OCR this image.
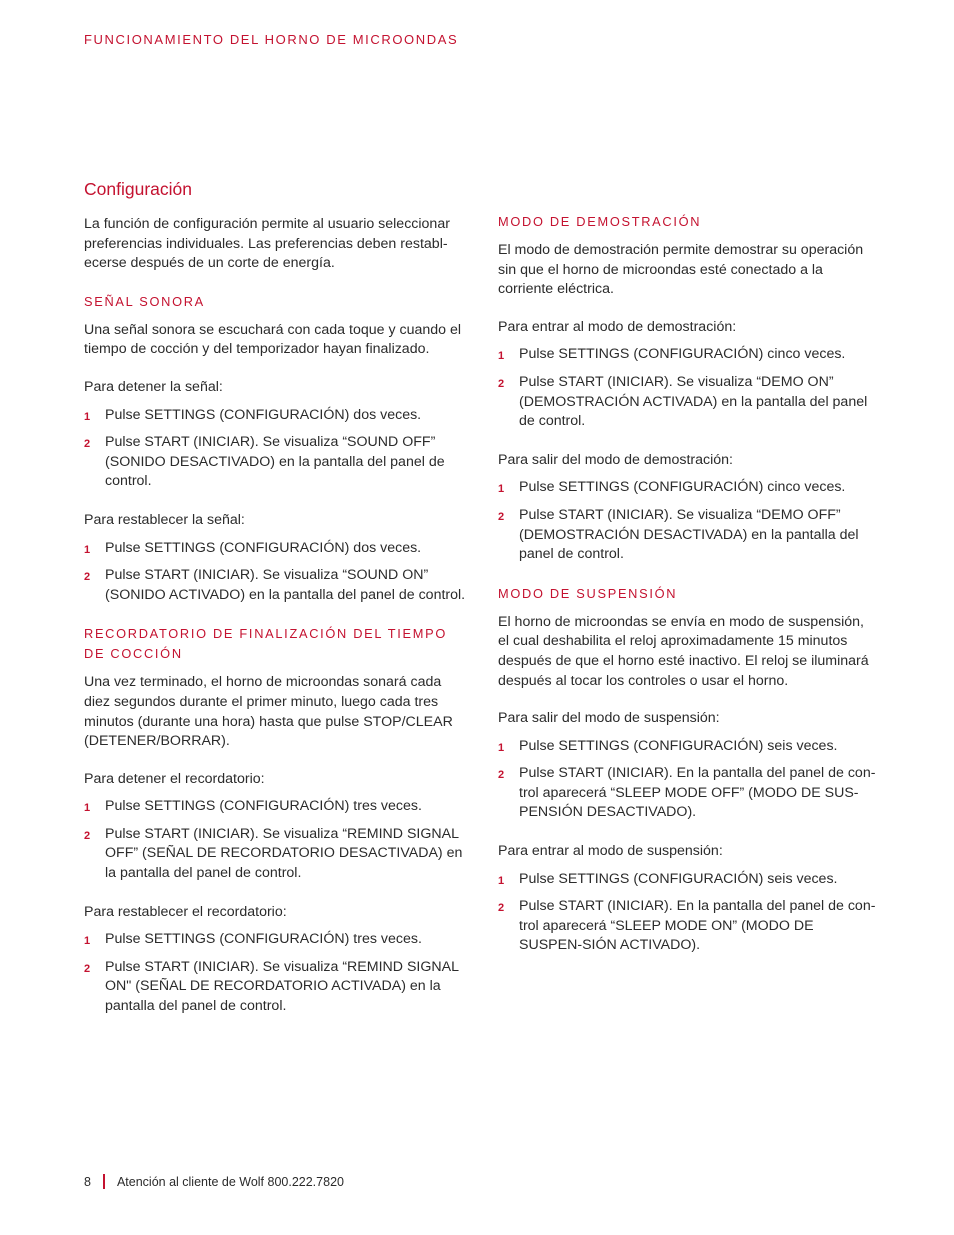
FUNCIONAMIENTO DEL HORNO DE MICROONDAS
Configuración

La función de configuración permite al usuario seleccionar preferencias individuales. Las preferencias deben restabl-ecerse después de un corte de energía.

SEÑAL SONORA

Una señal sonora se escuchará con cada toque y cuando el tiempo de cocción y del temporizador hayan finalizado.

Para detener la señal:

1 Pulse SETTINGS (CONFIGURACIÓN) dos veces.
2 Pulse START (INICIAR). Se visualiza “SOUND OFF” (SONIDO DESACTIVADO) en la pantalla del panel de control.

Para restablecer la señal:

1 Pulse SETTINGS (CONFIGURACIÓN) dos veces.
2 Pulse START (INICIAR). Se visualiza “SOUND ON” (SONIDO ACTIVADO) en la pantalla del panel de control.
RECORDATORIO DE FINALIZACIÓN DEL TIEMPO DE COCCIÓN

Una vez terminado, el horno de microondas sonará cada diez segundos durante el primer minuto, luego cada tres minutos (durante una hora) hasta que pulse STOP/CLEAR (DETENER/BORRAR).

Para detener el recordatorio:

1 Pulse SETTINGS (CONFIGURACIÓN) tres veces.
2 Pulse START (INICIAR). Se visualiza “REMIND SIGNAL OFF” (SEÑAL DE RECORDATORIO DESACTIVADA) en la pantalla del panel de control.

Para restablecer el recordatorio:

1 Pulse SETTINGS (CONFIGURACIÓN) tres veces.
2 Pulse START (INICIAR). Se visualiza “REMIND SIGNAL ON" (SEÑAL DE RECORDATORIO ACTIVADA) en la pantalla del panel de control.
MODO DE DEMOSTRACIÓN

El modo de demostración permite demostrar su operación sin que el horno de microondas esté conectado a la corriente eléctrica.

Para entrar al modo de demostración:

1 Pulse SETTINGS (CONFIGURACIÓN) cinco veces.
2 Pulse START (INICIAR). Se visualiza “DEMO ON” (DEMOSTRACIÓN ACTIVADA) en la pantalla del panel de control.

Para salir del modo de demostración:

1 Pulse SETTINGS (CONFIGURACIÓN) cinco veces.
2 Pulse START (INICIAR). Se visualiza “DEMO OFF” (DEMOSTRACIÓN DESACTIVADA) en la pantalla del panel de control.
MODO DE SUSPENSIÓN

El horno de microondas se envía en modo de suspensión, el cual deshabilita el reloj aproximadamente 15 minutos después de que el horno esté inactivo. El reloj se iluminará después al tocar los controles o usar el horno.

Para salir del modo de suspensión:

1 Pulse SETTINGS (CONFIGURACIÓN) seis veces.
2 Pulse START (INICIAR). En la pantalla del panel de con-trol aparecerá “SLEEP MODE OFF” (MODO DE SUS-PENSIÓN DESACTIVADO).

Para entrar al modo de suspensión:

1 Pulse SETTINGS (CONFIGURACIÓN) seis veces.
2 Pulse START (INICIAR). En la pantalla del panel de con-trol aparecerá “SLEEP MODE ON” (MODO DE SUSPEN-SIÓN ACTIVADO).
8 Atención al cliente de Wolf 800.222.7820
